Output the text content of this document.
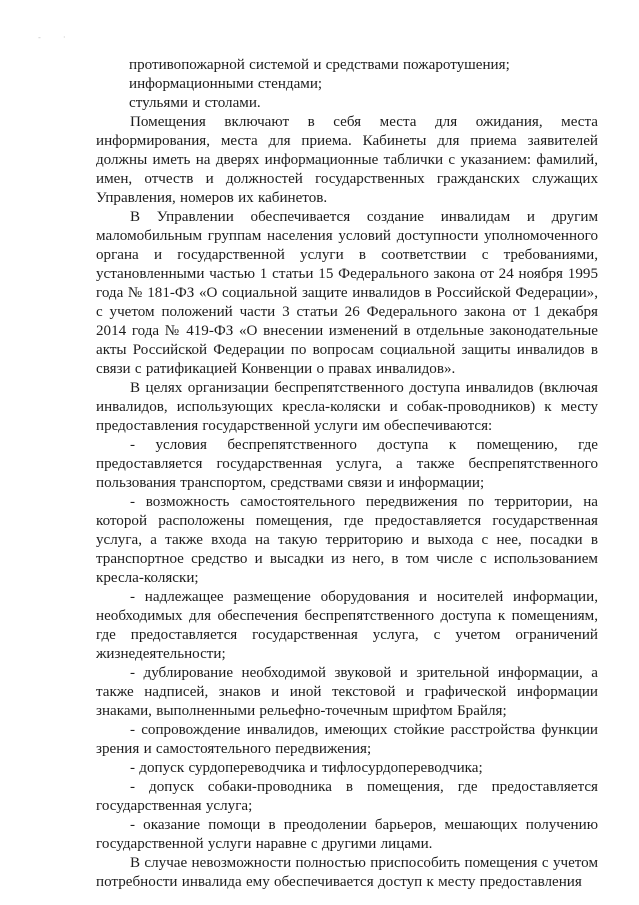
-	·

противопожарной системой и средствами пожаротушения;

информационными стендами;

стульями и столами.

Помещения включают в себя места для ожидания, места информирования, места для приема. Кабинеты для приема заявителей должны иметь на дверях информационные таблички с указанием: фамилий, имен, отчеств и должностей государственных гражданских служащих Управления, номеров их кабинетов.

В Управлении обеспечивается создание инвалидам и другим маломобильным группам населения условий доступности уполномоченного органа и государственной услуги в соответствии с требованиями, установленными частью 1 статьи 15 Федерального закона от 24 ноября 1995 года № 181-ФЗ «О социальной защите инвалидов в Российской Федерации», с учетом положений части 3 статьи 26 Федерального закона от 1 декабря 2014 года № 419-ФЗ «О внесении изменений в отдельные законодательные акты Российской Федерации по вопросам социальной защиты инвалидов в связи с ратификацией Конвенции о правах инвалидов».

В целях организации беспрепятственного доступа инвалидов (включая инвалидов, использующих кресла-коляски и собак-проводников) к месту предоставления государственной услуги им обеспечиваются:

- условия беспрепятственного доступа к помещению, где предоставляется государственная услуга, а также беспрепятственного пользования транспортом, средствами связи и информации;

- возможность самостоятельного передвижения по территории, на которой расположены помещения, где предоставляется государственная услуга, а также входа на такую территорию и выхода с нее, посадки в транспортное средство и высадки из него, в том числе с использованием кресла-коляски;

- надлежащее размещение оборудования и носителей информации, необходимых для обеспечения беспрепятственного доступа к помещениям, где предоставляется государственная услуга, с учетом ограничений жизнедеятельности;

- дублирование необходимой звуковой и зрительной информации, а также надписей, знаков и иной текстовой и графической информации знаками, выполненными рельефно-точечным шрифтом Брайля;

- сопровождение инвалидов, имеющих стойкие расстройства функции зрения и самостоятельного передвижения;

- допуск сурдопереводчика и тифлосурдопереводчика;

- допуск собаки-проводника в помещения, где предоставляется государственная услуга;

- оказание помощи в преодолении барьеров, мешающих получению государственной услуги наравне с другими лицами.

В случае невозможности полностью приспособить помещения с учетом потребности инвалида ему обеспечивается доступ к месту предоставления
